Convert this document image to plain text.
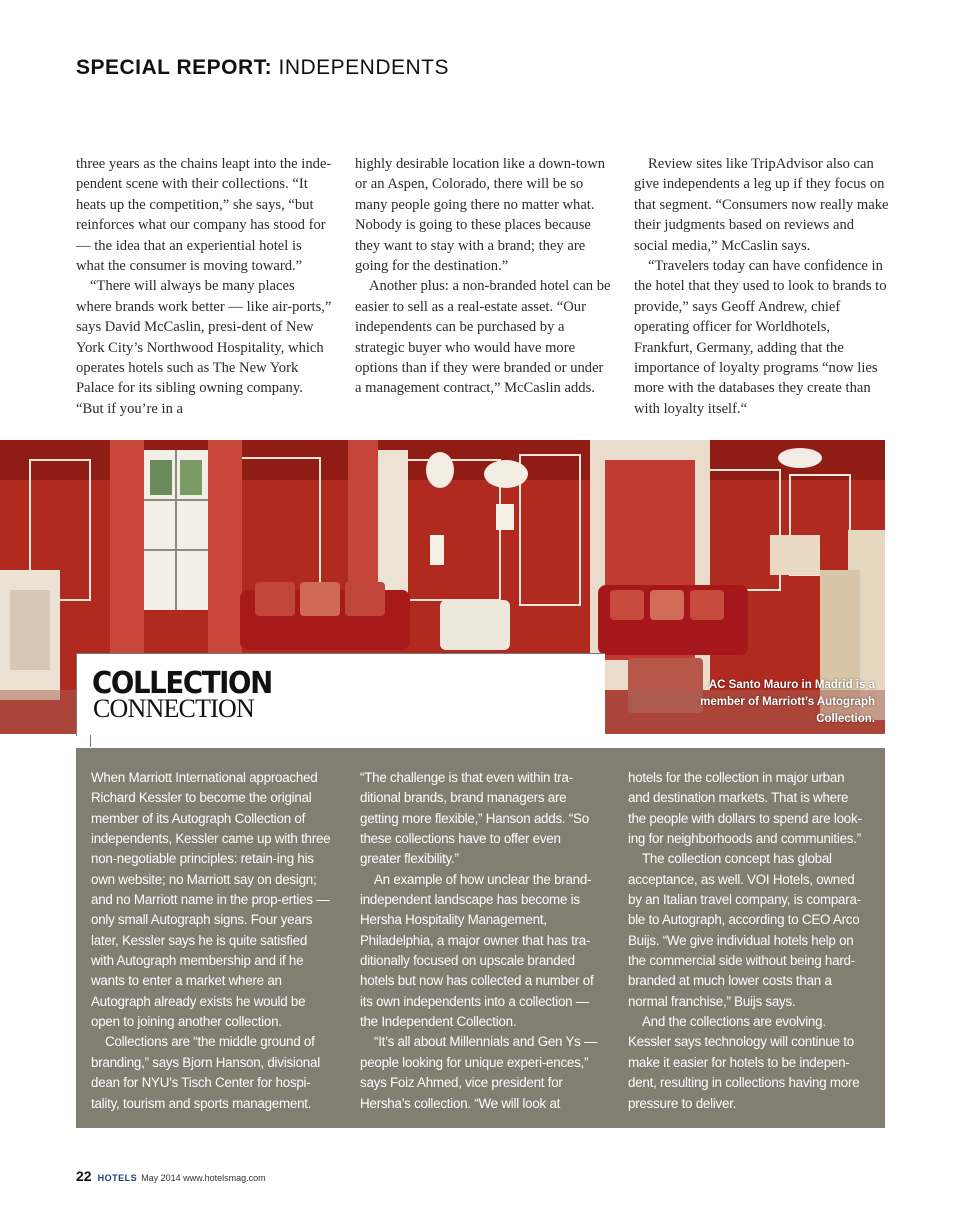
SPECIAL REPORT: INDEPENDENTS

three years as the chains leapt into the inde-pendent scene with their collections. “It heats up the competition,” she says, “but reinforces what our company has stood for — the idea that an experiential hotel is what the consumer is moving toward.”

“There will always be many places where brands work better — like air-ports,” says David McCaslin, presi-dent of New York City’s Northwood Hospitality, which operates hotels such as The New York Palace for its sibling owning company. “But if you’re in a

highly desirable location like a down-town or an Aspen, Colorado, there will be so many people going there no matter what. Nobody is going to these places because they want to stay with a brand; they are going for the destination.”

Another plus: a non-branded hotel can be easier to sell as a real-estate asset. “Our independents can be purchased by a strategic buyer who would have more options than if they were branded or under a management contract,” McCaslin adds.

Review sites like TripAdvisor also can give independents a leg up if they focus on that segment. “Consumers now really make their judgments based on reviews and social media,” McCaslin says.

“Travelers today can have confidence in the hotel that they used to look to brands to provide,” says Geoff Andrew, chief operating officer for Worldhotels, Frankfurt, Germany, adding that the importance of loyalty programs “now lies more with the databases they create than with loyalty itself.“

AC Santo Mauro in Madrid is a member of Marriott’s Autograph Collection.
COLLECTION
CONNECTION

When Marriott International approached Richard Kessler to become the original member of its Autograph Collection of independents, Kessler came up with three non-negotiable principles: retain-ing his own website; no Marriott say on design; and no Marriott name in the prop-erties — only small Autograph signs. Four years later, Kessler says he is quite satisfied with Autograph membership and if he wants to enter a market where an Autograph already exists he would be open to joining another collection.

Collections are “the middle ground of branding,” says Bjorn Hanson, divisional dean for NYU’s Tisch Center for hospi-tality, tourism and sports management.

“The challenge is that even within tra-ditional brands, brand managers are getting more flexible,” Hanson adds. “So these collections have to offer even greater flexibility.”

An example of how unclear the brand-independent landscape has become is Hersha Hospitality Management, Philadelphia, a major owner that has tra-ditionally focused on upscale branded hotels but now has collected a number of its own independents into a collection — the Independent Collection.

“It’s all about Millennials and Gen Ys — people looking for unique experi-ences,” says Foiz Ahmed, vice president for Hersha’s collection. “We will look at

hotels for the collection in major urban and destination markets. That is where the people with dollars to spend are look-ing for neighborhoods and communities.”

The collection concept has global acceptance, as well. VOI Hotels, owned by an Italian travel company, is compara-ble to Autograph, according to CEO Arco Buijs. “We give individual hotels help on the commercial side without being hard-branded at much lower costs than a normal franchise,” Buijs says.

And the collections are evolving. Kessler says technology will continue to make it easier for hotels to be indepen-dent, resulting in collections having more pressure to deliver.

22 HOTELS May 2014 www.hotelsmag.com
